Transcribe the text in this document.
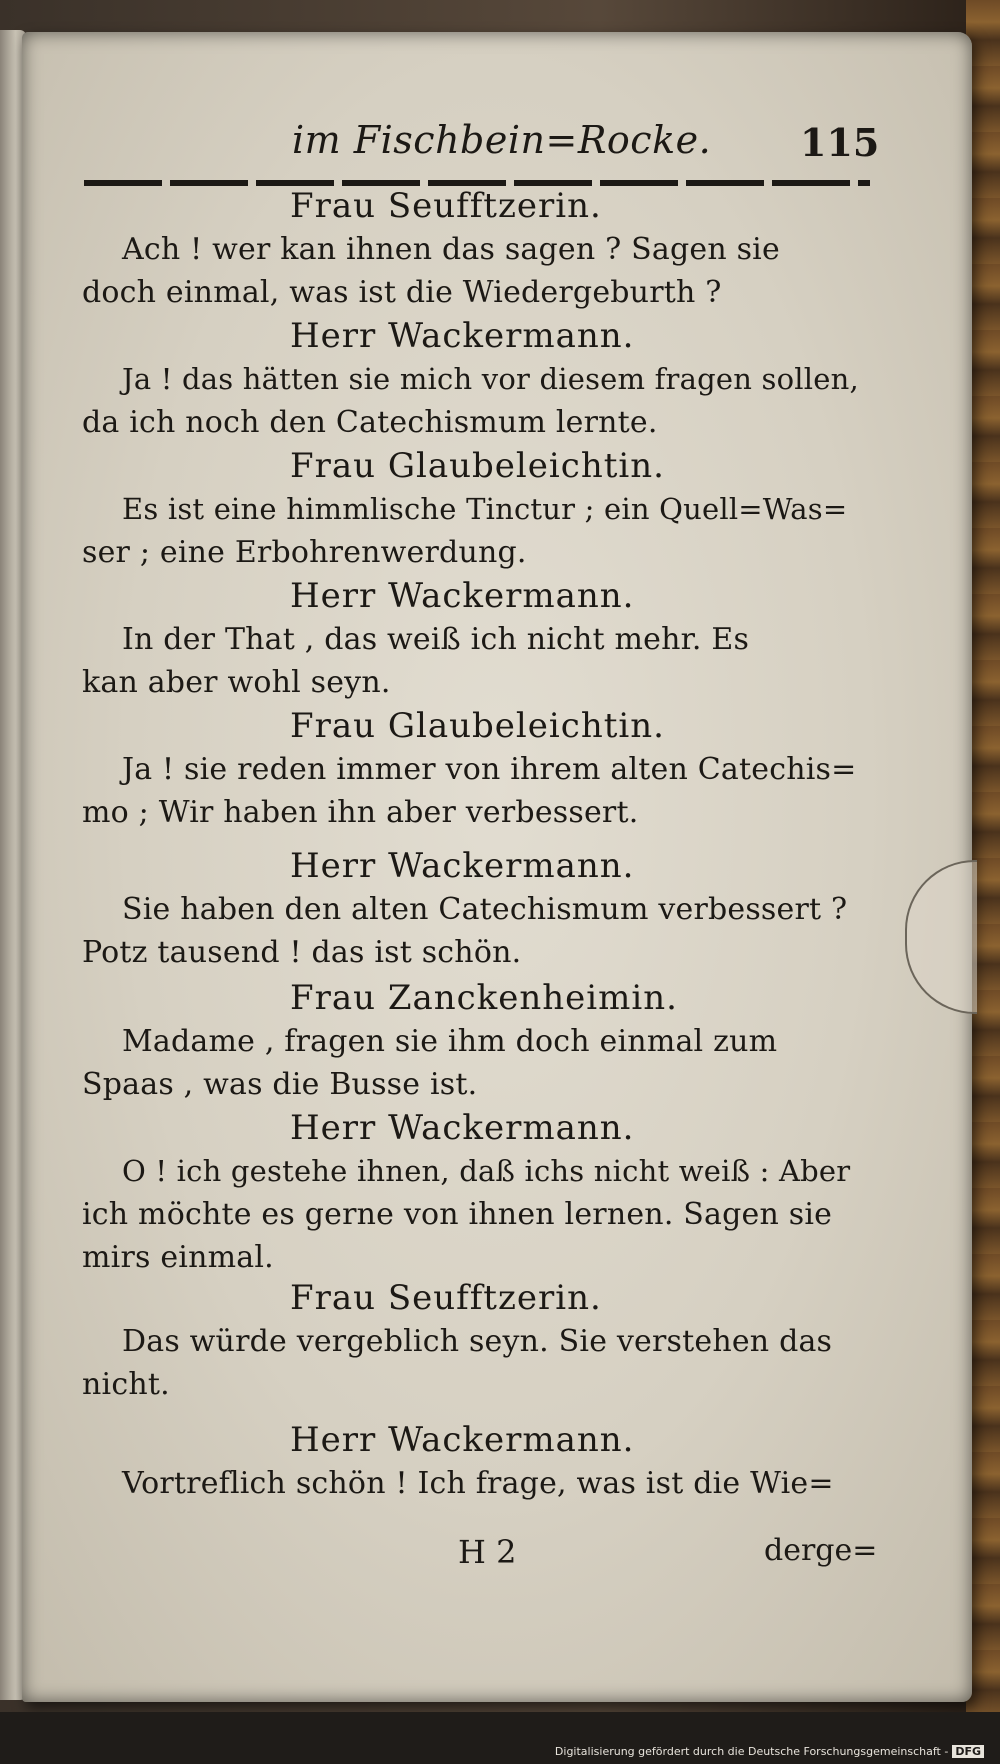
im Fischbein=Rocke. 115
Frau Seufftzerin.
Ach ! wer kan ihnen das sagen ? Sagen sie
doch einmal, was ist die Wiedergeburth ?
Herr Wackermann.
Ja ! das hätten sie mich vor diesem fragen sollen,
da ich noch den Catechismum lernte.
Frau Glaubeleichtin.
Es ist eine himmlische Tinctur ; ein Quell=Was=
ser ; eine Erbohrenwerdung.
Herr Wackermann.
In der That , das weiß ich nicht mehr. Es
kan aber wohl seyn.
Frau Glaubeleichtin.
Ja ! sie reden immer von ihrem alten Catechis=
mo ; Wir haben ihn aber verbessert.
Herr Wackermann.
Sie haben den alten Catechismum verbessert ?
Potz tausend ! das ist schön.
Frau Zanckenheimin.
Madame , fragen sie ihm doch einmal zum
Spaas , was die Busse ist.
Herr Wackermann.
O ! ich gestehe ihnen, daß ichs nicht weiß : Aber
ich möchte es gerne von ihnen lernen. Sagen sie
mirs einmal.
Frau Seufftzerin.
Das würde vergeblich seyn. Sie verstehen das
nicht.
Herr Wackermann.
Vortreflich schön ! Ich frage, was ist die Wie=
H 2	derge=
Digitalisierung gefördert durch die Deutsche Forschungsgemeinschaft - DFG
